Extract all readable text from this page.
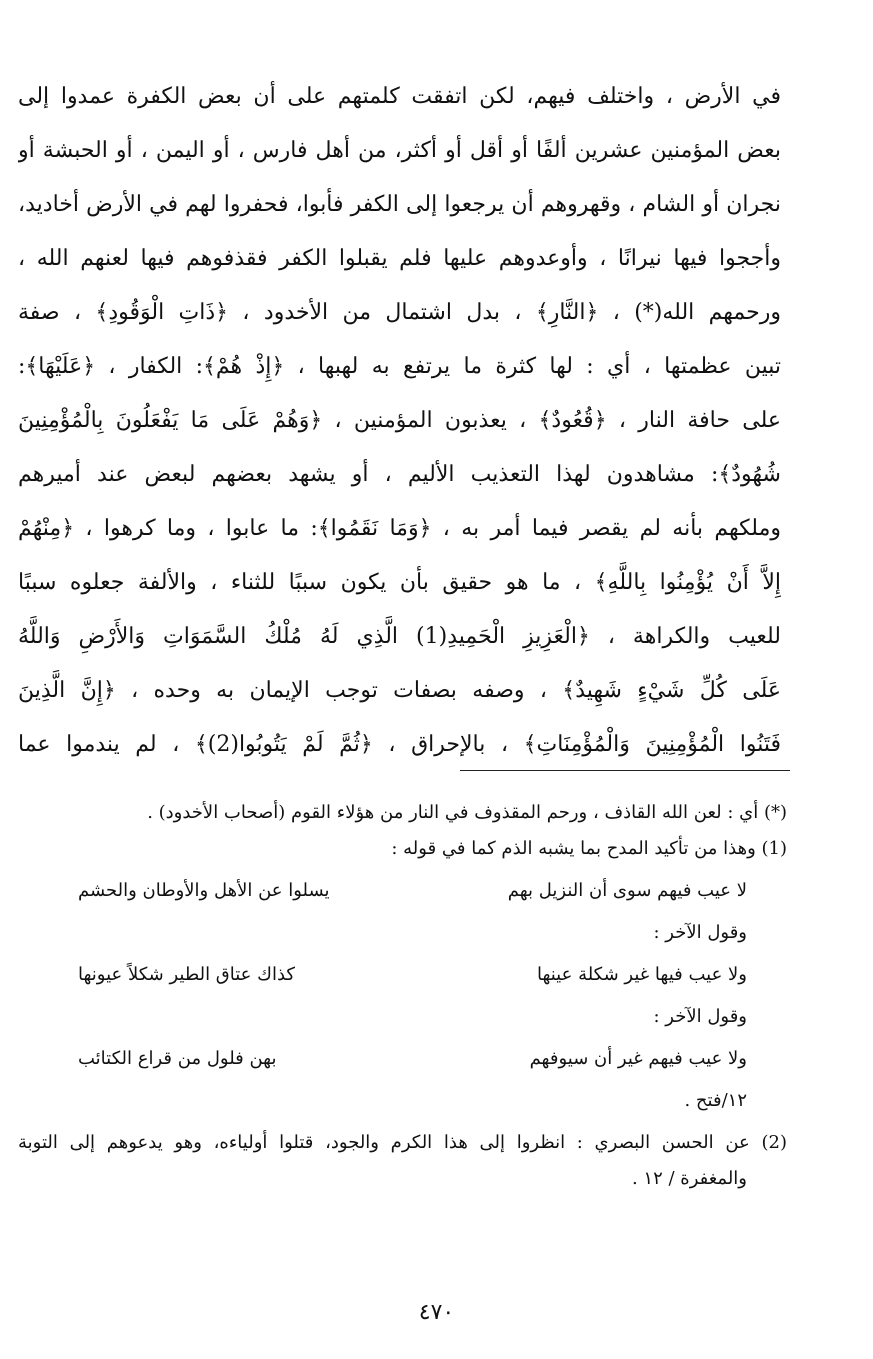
في الأرض ، واختلف فيهم، لكن اتفقت كلمتهم على أن بعض الكفرة عمدوا إلى
بعض المؤمنين عشرين ألفًا أو أقل أو أكثر، من أهل فارس ، أو اليمن ، أو الحبشة أو
نجران أو الشام ، وقهروهم أن يرجعوا إلى الكفر فأبوا، فحفروا لهم في الأرض أخاديد،
وأججوا فيها نيرانًا ، وأوعدوهم عليها فلم يقبلوا الكفر فقذفوهم فيها لعنهم الله ،
ورحمهم الله(*) ، ﴿النَّارِ﴾ ، بدل اشتمال من الأخدود ، ﴿ذَاتِ الْوَقُودِ﴾ ، صفة
تبين عظمتها ، أي : لها كثرة ما يرتفع به لهبها ، ﴿إِذْ هُمْ﴾: الكفار ، ﴿عَلَيْهَا﴾:
على حافة النار ، ﴿قُعُودٌ﴾ ، يعذبون المؤمنين ، ﴿وَهُمْ عَلَى مَا يَفْعَلُونَ بِالْمُؤْمِنِينَ
شُهُودٌ﴾: مشاهدون لهذا التعذيب الأليم ، أو يشهد بعضهم لبعض عند أميرهم
وملكهم بأنه لم يقصر فيما أمر به ، ﴿وَمَا نَقَمُوا﴾: ما عابوا ، وما كرهوا ، ﴿مِنْهُمْ
إِلاَّ أَنْ يُؤْمِنُوا بِاللَّهِ﴾ ، ما هو حقيق بأن يكون سببًا للثناء ، والألفة جعلوه سببًا
للعيب والكراهة ، ﴿الْعَزِيزِ الْحَمِيدِ(1) الَّذِي لَهُ مُلْكُ السَّمَوَاتِ وَالأَرْضِ وَاللَّهُ
عَلَى كُلِّ شَيْءٍ شَهِيدٌ﴾ ، وصفه بصفات توجب الإيمان به وحده ، ﴿إِنَّ الَّذِينَ
فَتَنُوا الْمُؤْمِنِينَ وَالْمُؤْمِنَاتِ﴾ ، بالإحراق ، ﴿ثُمَّ لَمْ يَتُوبُوا(2)﴾ ، لم يندموا عما
(*) أي : لعن الله القاذف ، ورحم المقذوف في النار من هؤلاء القوم (أصحاب الأخدود) .
(1) وهذا من تأكيد المدح بما يشبه الذم كما في قوله :
لا عيب فيهم سوى أن النزيل بهم
يسلوا عن الأهل والأوطان والحشم
وقول الآخر :
ولا عيب فيها غير شكلة عينها
كذاك عتاق الطير شكلاً عيونها
وقول الآخر :
ولا عيب فيهم غير أن سيوفهم
بهن فلول من قراع الكتائب
١٢/فتح .
(2) عن الحسن البصري : انظروا إلى هذا الكرم والجود، قتلوا أولياءه، وهو يدعوهم إلى التوبة
والمغفرة / ١٢ .
٤٧٠
